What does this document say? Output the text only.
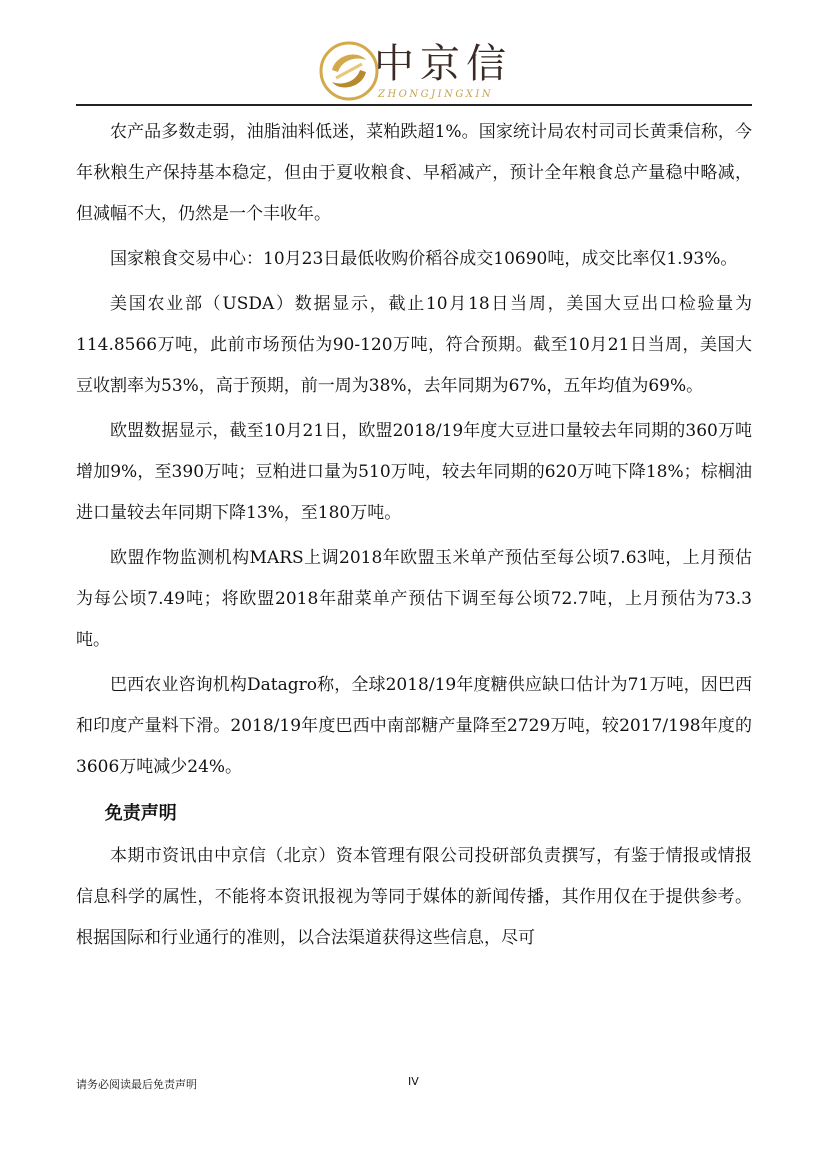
中京信
ZHONGJINGXIN

农产品多数走弱，油脂油料低迷，菜粕跌超1%。国家统计局农村司司长黄秉信称，今年秋粮生产保持基本稳定，但由于夏收粮食、早稻减产，预计全年粮食总产量稳中略减，但减幅不大，仍然是一个丰收年。

国家粮食交易中心：10月23日最低收购价稻谷成交10690吨，成交比率仅1.93%。

美国农业部（USDA）数据显示，截止10月18日当周，美国大豆出口检验量为114.8566万吨，此前市场预估为90-120万吨，符合预期。截至10月21日当周，美国大豆收割率为53%，高于预期，前一周为38%，去年同期为67%，五年均值为69%。

欧盟数据显示，截至10月21日，欧盟2018/19年度大豆进口量较去年同期的360万吨增加9%，至390万吨；豆粕进口量为510万吨，较去年同期的620万吨下降18%；棕榈油进口量较去年同期下降13%，至180万吨。

欧盟作物监测机构MARS上调2018年欧盟玉米单产预估至每公顷7.63吨，上月预估为每公顷7.49吨；将欧盟2018年甜菜单产预估下调至每公顷72.7吨，上月预估为73.3吨。

巴西农业咨询机构Datagro称，全球2018/19年度糖供应缺口估计为71万吨，因巴西和印度产量料下滑。2018/19年度巴西中南部糖产量降至2729万吨，较2017/198年度的3606万吨减少24%。

免责声明

本期市资讯由中京信（北京）资本管理有限公司投研部负责撰写，有鉴于情报或情报信息科学的属性，不能将本资讯报视为等同于媒体的新闻传播，其作用仅在于提供参考。根据国际和行业通行的准则，以合法渠道获得这些信息，尽可

请务必阅读最后免责声明	IV
